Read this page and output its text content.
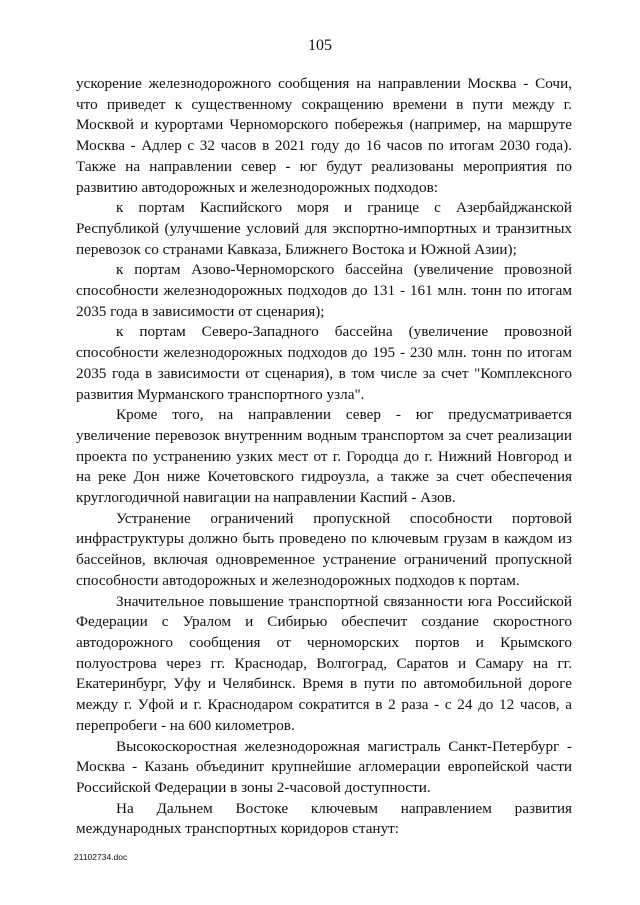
105

ускорение железнодорожного сообщения на направлении Москва - Сочи, что приведет к существенному сокращению времени в пути между г. Москвой и курортами Черноморского побережья (например, на маршруте Москва - Адлер с 32 часов в 2021 году до 16 часов по итогам 2030 года). Также на направлении север - юг будут реализованы мероприятия по развитию автодорожных и железнодорожных подходов:

к портам Каспийского моря и границе с Азербайджанской Республикой (улучшение условий для экспортно-импортных и транзитных перевозок со странами Кавказа, Ближнего Востока и Южной Азии);

к портам Азово-Черноморского бассейна (увеличение провозной способности железнодорожных подходов до 131 - 161 млн. тонн по итогам 2035 года в зависимости от сценария);

к портам Северо-Западного бассейна (увеличение провозной способности железнодорожных подходов до 195 - 230 млн. тонн по итогам 2035 года в зависимости от сценария), в том числе за счет "Комплексного развития Мурманского транспортного узла".

Кроме того, на направлении север - юг предусматривается увеличение перевозок внутренним водным транспортом за счет реализации проекта по устранению узких мест от г. Городца до г. Нижний Новгород и на реке Дон ниже Кочетовского гидроузла, а также за счет обеспечения круглогодичной навигации на направлении Каспий - Азов.

Устранение ограничений пропускной способности портовой инфраструктуры должно быть проведено по ключевым грузам в каждом из бассейнов, включая одновременное устранение ограничений пропускной способности автодорожных и железнодорожных подходов к портам.

Значительное повышение транспортной связанности юга Российской Федерации с Уралом и Сибирью обеспечит создание скоростного автодорожного сообщения от черноморских портов и Крымского полуострова через гг. Краснодар, Волгоград, Саратов и Самару на гг. Екатеринбург, Уфу и Челябинск. Время в пути по автомобильной дороге между г. Уфой и г. Краснодаром сократится в 2 раза - с 24 до 12 часов, а перепробеги - на 600 километров.

Высокоскоростная железнодорожная магистраль Санкт-Петербург - Москва - Казань объединит крупнейшие агломерации европейской части Российской Федерации в зоны 2-часовой доступности.

На Дальнем Востоке ключевым направлением развития международных транспортных коридоров станут:

21102734.doc
